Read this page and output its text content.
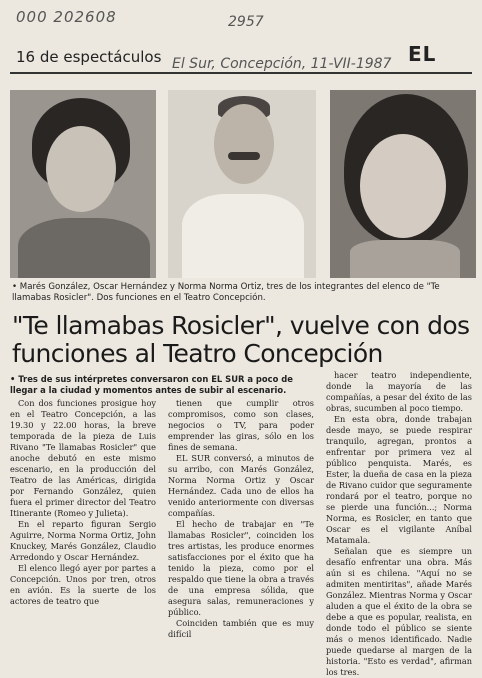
000 202608	2957
16 de espectáculos El Sur, Concepción, 11-VII-1987 EL
• Marés González, Oscar Hernández y Norma Norma Ortiz, tres de los integrantes del elenco de "Te llamabas Rosicler". Dos funciones en el Teatro Concepción.
"Te llamabas Rosicler", vuelve con dos funciones al Teatro Concepción
• Tres de sus intérpretes conversaron con EL SUR a poco de llegar a la ciudad y momentos antes de subir al escenario.

Con dos funciones prosigue hoy en el Teatro Concepción, a las 19.30 y 22.00 horas, la breve temporada de la pieza de Luis Rivano "Te llamabas Rosicler" que anoche debutó en este mismo escenario, en la producción del Teatro de las Américas, dirigida por Fernando González, quien fuera el primer director del Teatro Itinerante (Romeo y Julieta).

En el reparto figuran Sergio Aguirre, Norma Norma Ortiz, John Knuckey, Marés González, Claudio Arredondo y Oscar Hernández.

El elenco llegó ayer por partes a Concepción. Unos por tren, otros en avión. Es la suerte de los actores de teatro que

tienen que cumplir otros compromisos, como son clases, negocios o TV, para poder emprender las giras, sólo en los fines de semana.

EL SUR conversó, a minutos de su arribo, con Marés González, Norma Norma Ortiz y Oscar Hernández. Cada uno de ellos ha venido anteriormente con diversas compañías.

El hecho de trabajar en "Te llamabas Rosicler", coinciden los tres artistas, les produce enormes satisfacciones por el éxito que ha tenido la pieza, como por el respaldo que tiene la obra a través de una empresa sólida, que asegura salas, remuneraciones y público.

Coinciden también que es muy difícil

hacer teatro independiente, donde la mayoría de las compañías, a pesar del éxito de las obras, sucumben al poco tiempo.

En esta obra, donde trabajan desde mayo, se puede respirar tranquilo, agregan, prontos a enfrentar por primera vez al público penquista. Marés, es Ester, la dueña de casa en la pieza de Rivano cuidor que seguramente rondará por el teatro, porque no se pierde una función...; Norma Norma, es Rosicler, en tanto que Oscar es el vigilante Aníbal Matamala.

Señalan que es siempre un desafío enfrentar una obra. Más aún si es chilena. "Aquí no se admiten mentiritas", añade Marés González. Mientras Norma y Oscar aluden a que el éxito de la obra se debe a que es popular, realista, en donde todo el público se siente más o menos identificado. Nadie puede quedarse al margen de la historia. "Esto es verdad", afirman los tres.
